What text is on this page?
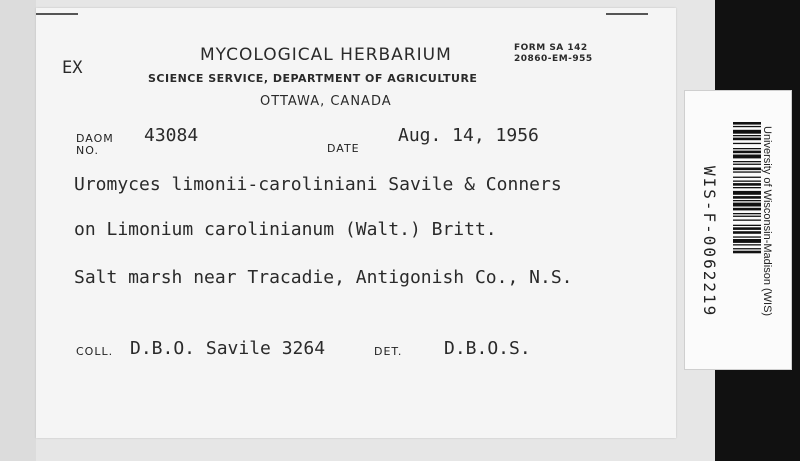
EX
MYCOLOGICAL HERBARIUM	FORM SA 142
20860-EM-955
SCIENCE SERVICE, DEPARTMENT OF AGRICULTURE
OTTAWA, CANADA
DAOM
NO.
43084
DATE
Aug. 14, 1956
Uromyces limonii-caroliniani Savile & Conners
on Limonium carolinianum (Walt.) Britt.
Salt marsh near Tracadie, Antigonish Co., N.S.
COLL. D.B.O. Savile 3264	DET. D.B.O.S.
WIS-F-0062219	University of Wisconsin-Madison (WIS)
